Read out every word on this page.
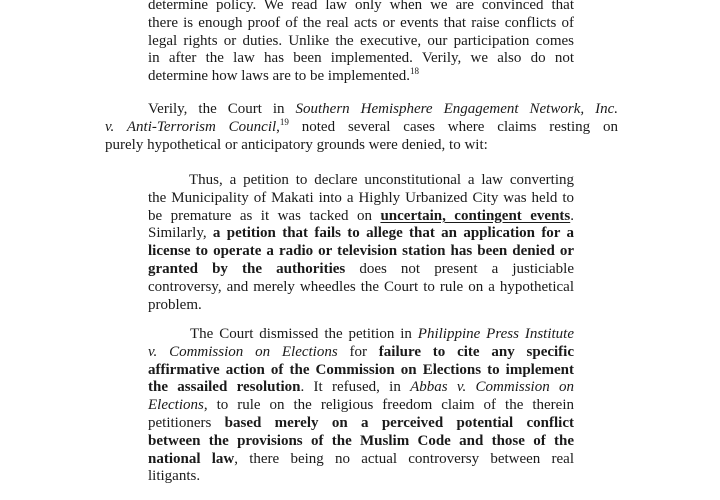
determine policy. We read law only when we are convinced that
there is enough proof of the real acts or events that raise conflicts of
legal rights or duties. Unlike the executive, our participation comes
in after the law has been implemented. Verily, we also do not
determine how laws are to be implemented.$^{18}$
Verily, the Court in Southern Hemisphere Engagement Network, Inc.
v. Anti-Terrorism Council,$^{19}$ noted several cases where claims resting on
purely hypothetical or anticipatory grounds were denied, to wit:
Thus, a petition to declare unconstitutional a law converting
the Municipality of Makati into a Highly Urbanized City was held to
be premature as it was tacked on uncertain, contingent events.
Similarly, a petition that fails to allege that an application for a
license to operate a radio or television station has been denied or
granted by the authorities does not present a justiciable
controversy, and merely wheedles the Court to rule on a hypothetical
problem.
The Court dismissed the petition in Philippine Press Institute
v. Commission on Elections for failure to cite any specific
affirmative action of the Commission on Elections to implement
the assailed resolution. It refused, in Abbas v. Commission on
Elections, to rule on the religious freedom claim of the therein
petitioners based merely on a perceived potential conflict
between the provisions of the Muslim Code and those of the
national law, there being no actual controversy between real
litigants.
